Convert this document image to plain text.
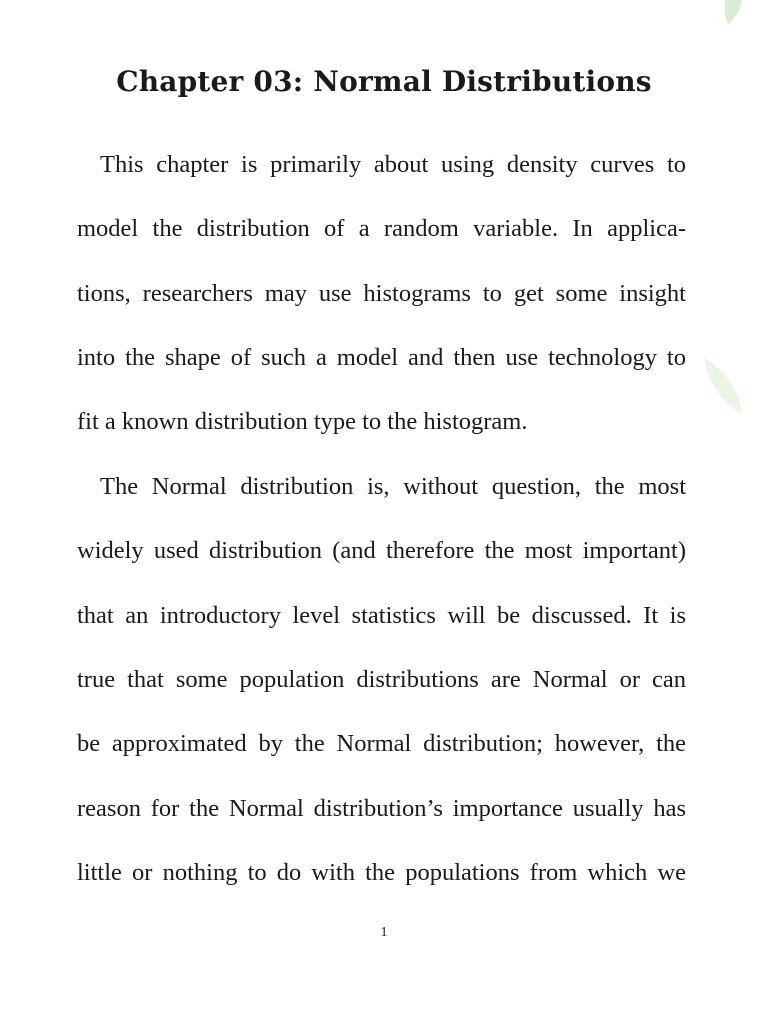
Chapter 03: Normal Distributions

This chapter is primarily about using density curves to

model the distribution of a random variable. In applica-

tions, researchers may use histograms to get some insight

into the shape of such a model and then use technology to

fit a known distribution type to the histogram.

The Normal distribution is, without question, the most

widely used distribution (and therefore the most important)

that an introductory level statistics will be discussed. It is

true that some population distributions are Normal or can

be approximated by the Normal distribution; however, the

reason for the Normal distribution’s importance usually has

little or nothing to do with the populations from which we

1
